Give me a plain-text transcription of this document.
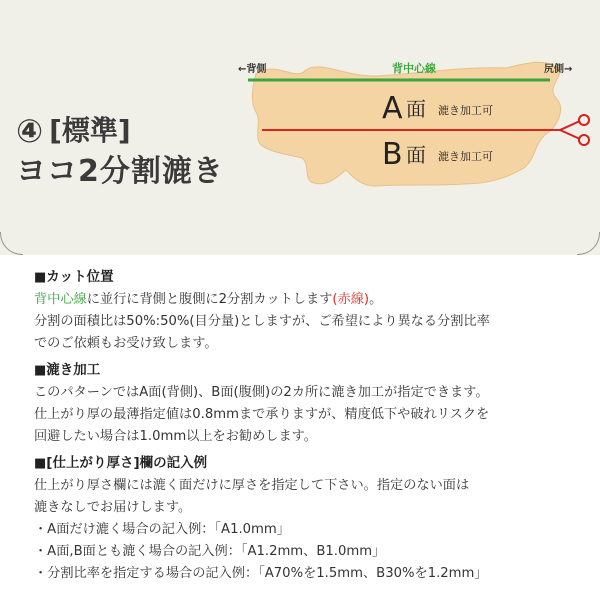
④ [標準]
ヨコ2分割漉き
←背側	背中心線	尻側→
A 面 漉き加工可
B 面 漉き加工可
■カット位置
背中心線に並行に背側と腹側に2分割カットします(赤線)。
分割の面積比は50%:50%(目分量)としますが、ご希望により異なる分割比率
でのご依頼もお受け致します。
■漉き加工
このパターンではA面(背側)、B面(腹側)の2カ所に漉き加工が指定できます。
仕上がり厚の最薄指定値は0.8mmまで承りますが、精度低下や破れリスクを
回避したい場合は1.0mm以上をお勧めします。
■[仕上がり厚さ]欄の記入例
仕上がり厚さ欄には漉く面だけに厚さを指定して下さい。指定のない面は
漉きなしでお届けします。
・A面だけ漉く場合の記入例：「A1.0mm」
・A面,B面とも漉く場合の記入例：「A1.2mm、B1.0mm」
・分割比率を指定する場合の記入例：「A70%を1.5mm、B30%を1.2mm」
